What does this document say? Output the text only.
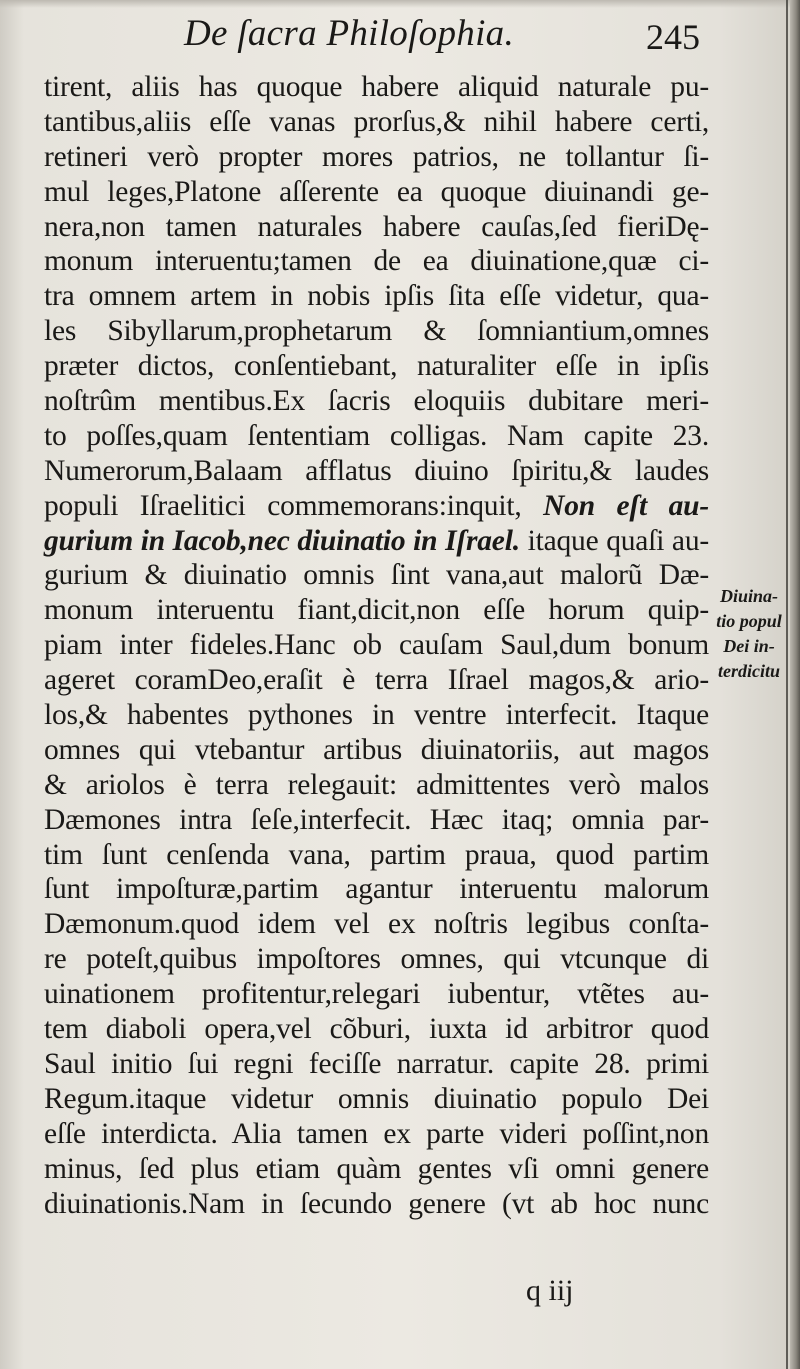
De ſacra Philoſophia.	245
tirent, aliis has quoque habere aliquid naturale pu-
tantibus,aliis eſſe vanas prorſus,& nihil habere certi,
retineri verò propter mores patrios, ne tollantur ſi-
mul leges,Platone aſſerente ea quoque diuinandi ge-
nera,non tamen naturales habere cauſas,ſed fieriDę-
monum interuentu;tamen de ea diuinatione,quæ ci-
tra omnem artem in nobis ipſis ſita eſſe videtur, qua-
les Sibyllarum,prophetarum & ſomniantium,omnes
præter dictos, conſentiebant, naturaliter eſſe in ipſis
noſtrûm mentibus.Ex ſacris eloquiis dubitare meri-
to poſſes,quam ſententiam colligas. Nam capite 23.
Numerorum,Balaam afflatus diuino ſpiritu,& laudes
populi Iſraelitici commemorans:inquit, Non eſt au-
gurium in Iacob,nec diuinatio in Iſrael. itaque quaſi au-
gurium & diuinatio omnis ſint vana,aut malorũ Dæ-
monum interuentu fiant,dicit,non eſſe horum quip-
piam inter fideles.Hanc ob cauſam Saul,dum bonum
ageret coramDeo,eraſit è terra Iſrael magos,& ario-
los,& habentes pythones in ventre interfecit. Itaque
omnes qui vtebantur artibus diuinatoriis, aut magos
& ariolos è terra relegauit: admittentes verò malos
Dæmones intra ſeſe,interfecit. Hæc itaq; omnia par-
tim ſunt cenſenda vana, partim praua, quod partim
ſunt impoſturæ,partim agantur interuentu malorum
Dæmonum.quod idem vel ex noſtris legibus conſta-
re poteſt,quibus impoſtores omnes, qui vtcunque di
uinationem profitentur,relegari iubentur, vtẽtes au-
tem diaboli opera,vel cõburi, iuxta id arbitror quod
Saul initio ſui regni feciſſe narratur. capite 28. primi
Regum.itaque videtur omnis diuinatio populo Dei
eſſe interdicta. Alia tamen ex parte videri poſſint,non
minus, ſed plus etiam quàm gentes vſi omni genere
diuinationis.Nam in ſecundo genere (vt ab hoc nunc
Diuina-
tio popul
Dei in-
terdicitu
q iij
